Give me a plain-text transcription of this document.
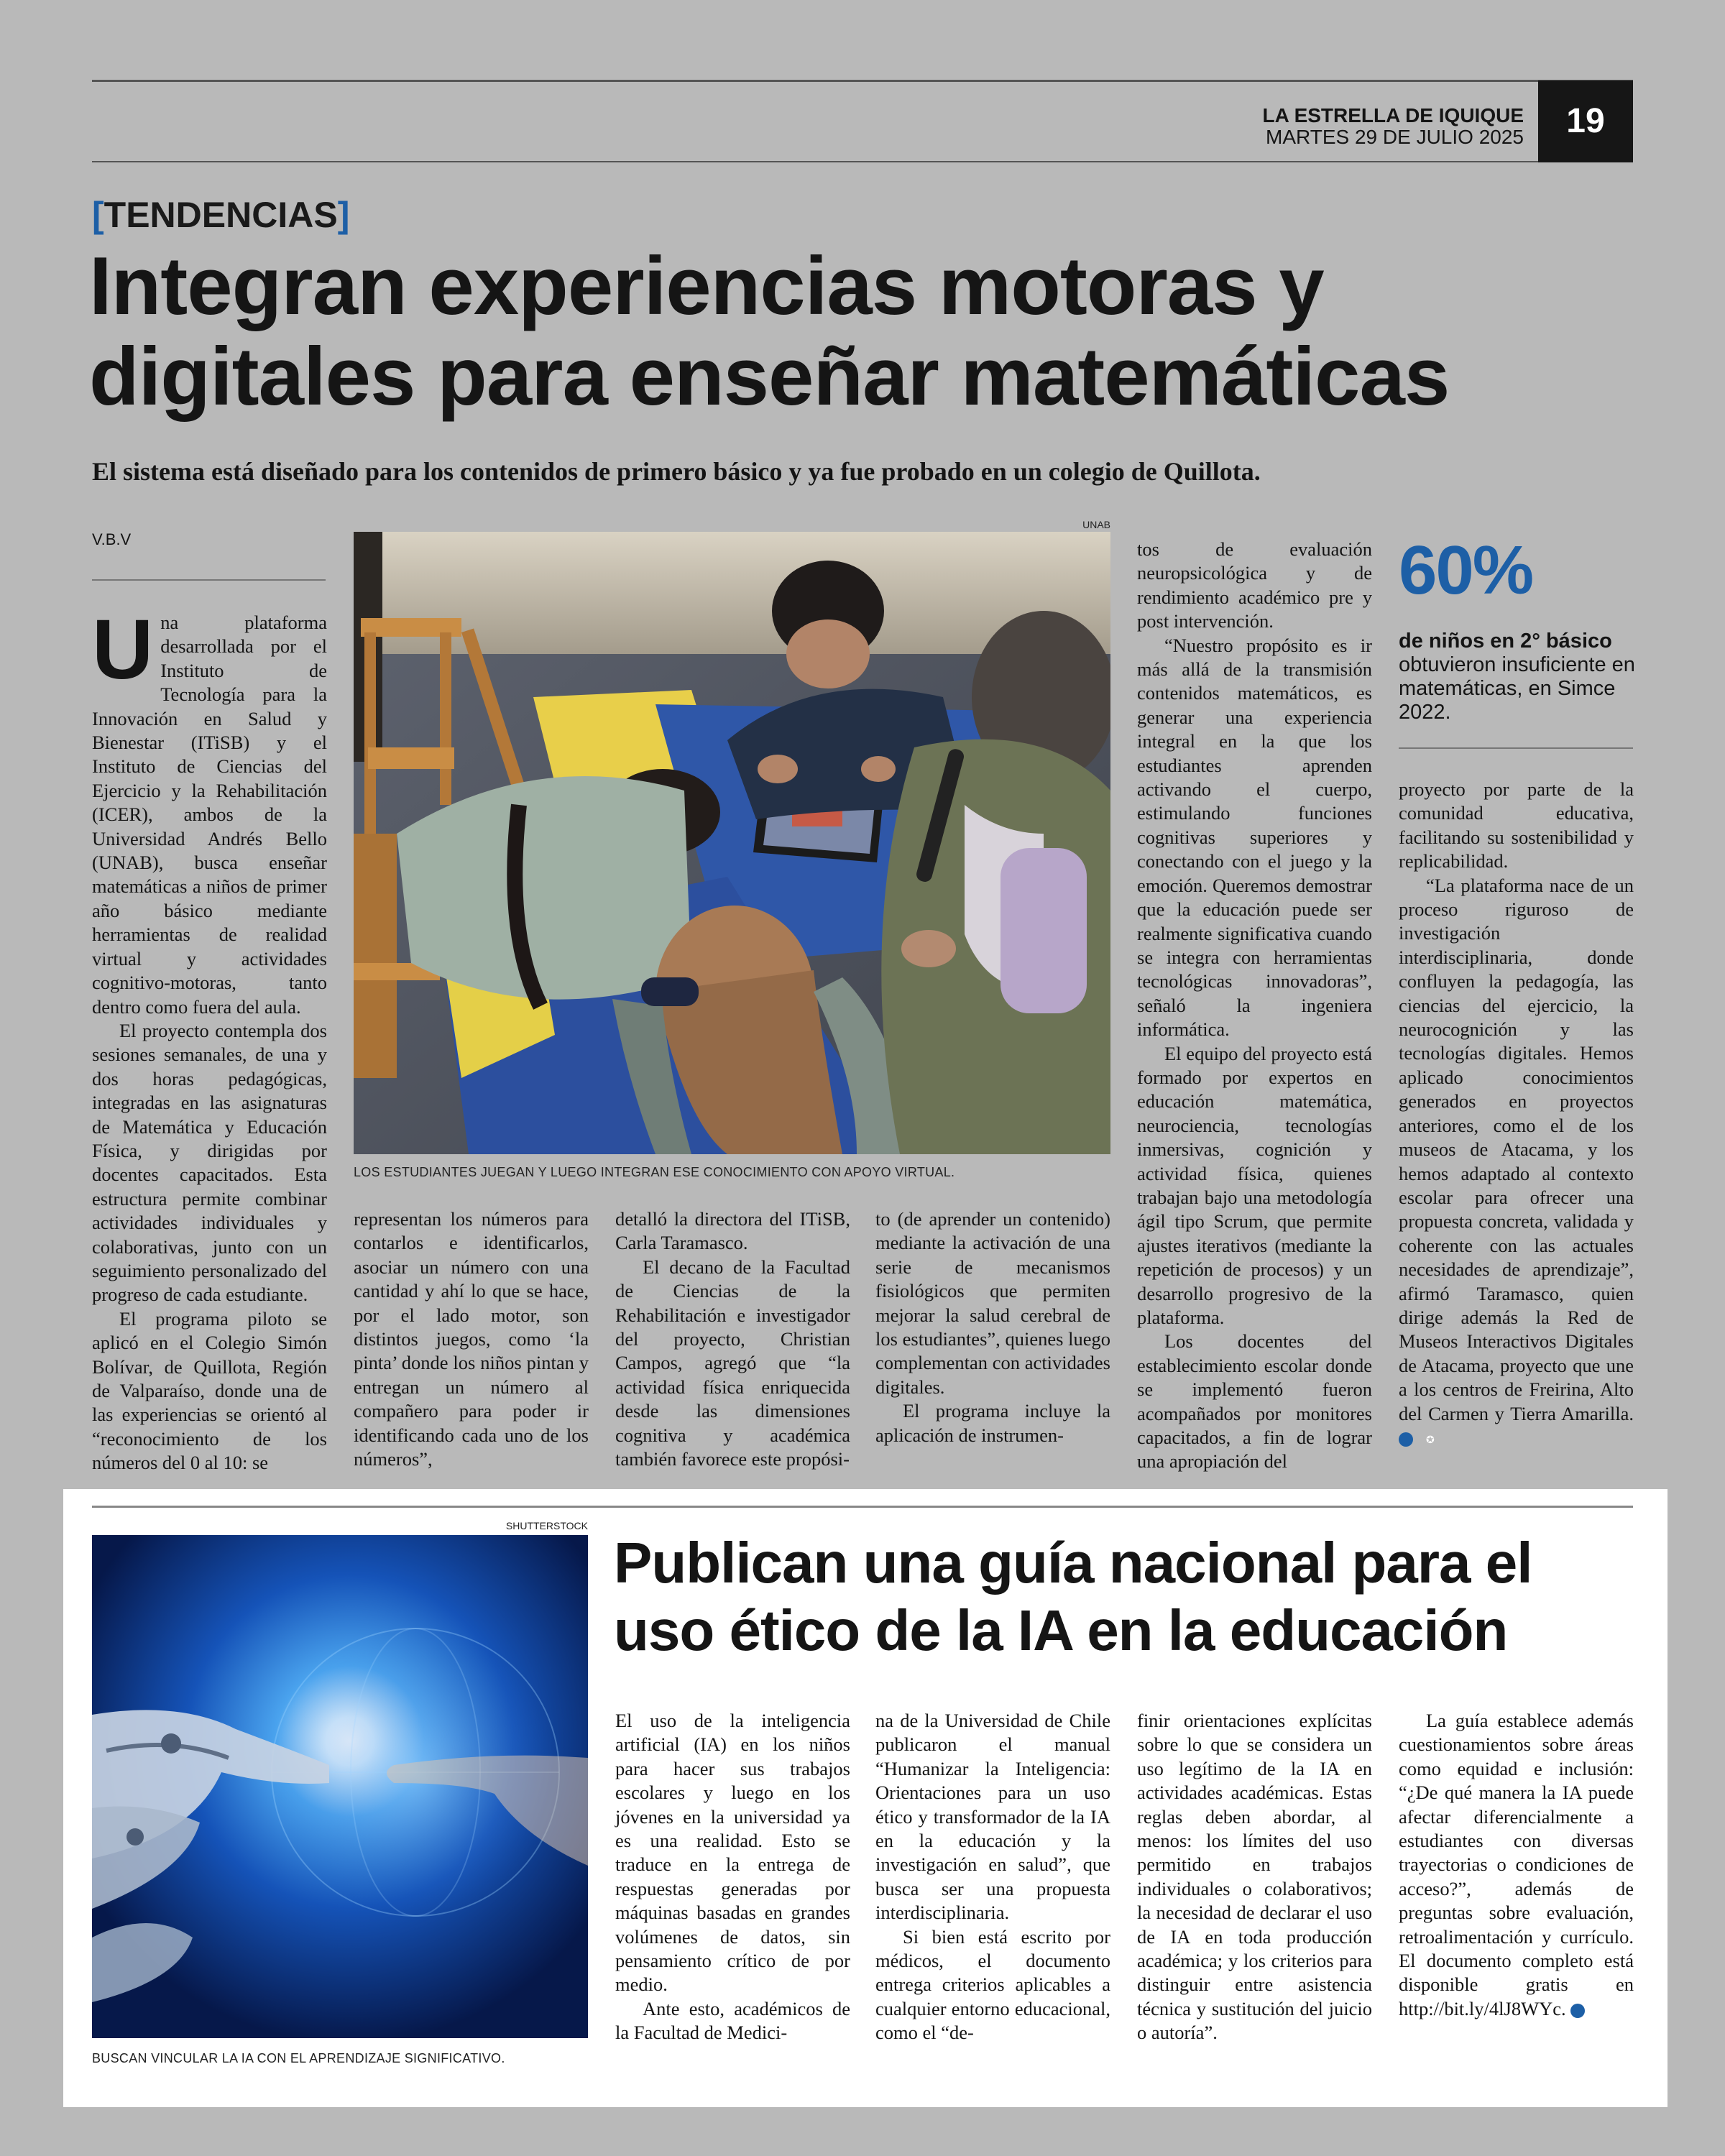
LA ESTRELLA DE IQUIQUE
MARTES 29 DE JULIO 2025	19
[TENDENCIAS]
Integran experiencias motoras y
digitales para enseñar matemáticas
El sistema está diseñado para los contenidos de primero básico y ya fue probado en un colegio de Quillota.
V.B.V
UNAB
LOS ESTUDIANTES JUEGAN Y LUEGO INTEGRAN ESE CONOCIMIENTO CON APOYO VIRTUAL.
60%
de niños en 2° básico obtuvieron insuficiente en matemáticas, en Simce 2022.

Una plataforma desarrollada por el Instituto de Tecnología para la Innovación en Salud y Bienestar (ITiSB) y el Instituto de Ciencias del Ejercicio y la Rehabilitación (ICER), ambos de la Universidad Andrés Bello (UNAB), busca enseñar matemáticas a niños de primer año básico mediante herramientas de realidad virtual y actividades cognitivo-motoras, tanto dentro como fuera del aula.

El proyecto contempla dos sesiones semanales, de una y dos horas pedagógicas, integradas en las asignaturas de Matemática y Educación Física, y dirigidas por docentes capacitados. Esta estructura permite combinar actividades individuales y colaborativas, junto con un seguimiento personalizado del progreso de cada estudiante.

El programa piloto se aplicó en el Colegio Simón Bolívar, de Quillota, Región de Valparaíso, donde una de las experiencias se orientó al “reconocimiento de los números del 0 al 10: se

representan los números para contarlos e identificarlos, asociar un número con una cantidad y ahí lo que se hace, por el lado motor, son distintos juegos, como ‘la pinta’ donde los niños pintan y entregan un número al compañero para poder ir identificando cada uno de los números”,

detalló la directora del ITiSB, Carla Taramasco.

El decano de la Facultad de Ciencias de la Rehabilitación e investigador del proyecto, Christian Campos, agregó que “la actividad física enriquecida desde las dimensiones cognitiva y académica también favorece este propósi-

to (de aprender un contenido) mediante la activación de una serie de mecanismos fisiológicos que permiten mejorar la salud cerebral de los estudiantes”, quienes luego complementan con actividades digitales.

El programa incluye la aplicación de instrumen-

tos de evaluación neuropsicológica y de rendimiento académico pre y post intervención.

“Nuestro propósito es ir más allá de la transmisión contenidos matemáticos, es generar una experiencia integral en la que los estudiantes aprenden activando el cuerpo, estimulando funciones cognitivas superiores y conectando con el juego y la emoción. Queremos demostrar que la educación puede ser realmente significativa cuando se integra con herramientas tecnológicas innovadoras”, señaló la ingeniera informática.

El equipo del proyecto está formado por expertos en educación matemática, neurociencia, tecnologías inmersivas, cognición y actividad física, quienes trabajan bajo una metodología ágil tipo Scrum, que permite ajustes iterativos (mediante la repetición de procesos) y un desarrollo progresivo de la plataforma.

Los docentes del establecimiento escolar donde se implementó fueron acompañados por monitores capacitados, a fin de lograr una apropiación del

proyecto por parte de la comunidad educativa, facilitando su sostenibilidad y replicabilidad.

“La plataforma nace de un proceso riguroso de investigación interdisciplinaria, donde confluyen la pedagogía, las ciencias del ejercicio, la neurocognición y las tecnologías digitales. Hemos aplicado conocimientos generados en proyectos anteriores, como el de los museos de Atacama, y los hemos adaptado al contexto escolar para ofrecer una propuesta concreta, validada y coherente con las actuales necesidades de aprendizaje”, afirmó Taramasco, quien dirige además la Red de Museos Interactivos Digitales de Atacama, proyecto que une a los centros de Freirina, Alto del Carmen y Tierra Amarilla. ✪

SHUTTERSTOCK
BUSCAN VINCULAR LA IA CON EL APRENDIZAJE SIGNIFICATIVO.
Publican una guía nacional para el
uso ético de la IA en la educación

El uso de la inteligencia artificial (IA) en los niños para hacer sus trabajos escolares y luego en los jóvenes en la universidad ya es una realidad. Esto se traduce en la entrega de respuestas generadas por máquinas basadas en grandes volúmenes de datos, sin pensamiento crítico de por medio.

Ante esto, académicos de la Facultad de Medici-

na de la Universidad de Chile publicaron el manual “Humanizar la Inteligencia: Orientaciones para un uso ético y transformador de la IA en la educación y la investigación en salud”, que busca ser una propuesta interdisciplinaria.

Si bien está escrito por médicos, el documento entrega criterios aplicables a cualquier entorno educacional, como el “de-

finir orientaciones explícitas sobre lo que se considera un uso legítimo de la IA en actividades académicas. Estas reglas deben abordar, al menos: los límites del uso permitido en trabajos individuales o colaborativos; la necesidad de declarar el uso de IA en toda producción académica; y los criterios para distinguir entre asistencia técnica y sustitución del juicio o autoría”.

La guía establece además cuestionamientos sobre áreas como equidad e inclusión: “¿De qué manera la IA puede afectar diferencialmente a estudiantes con diversas trayectorias o condiciones de acceso?”, además de preguntas sobre evaluación, retroalimentación y currículo. El documento completo está disponible gratis en http://bit.ly/4lJ8WYc.	✪
